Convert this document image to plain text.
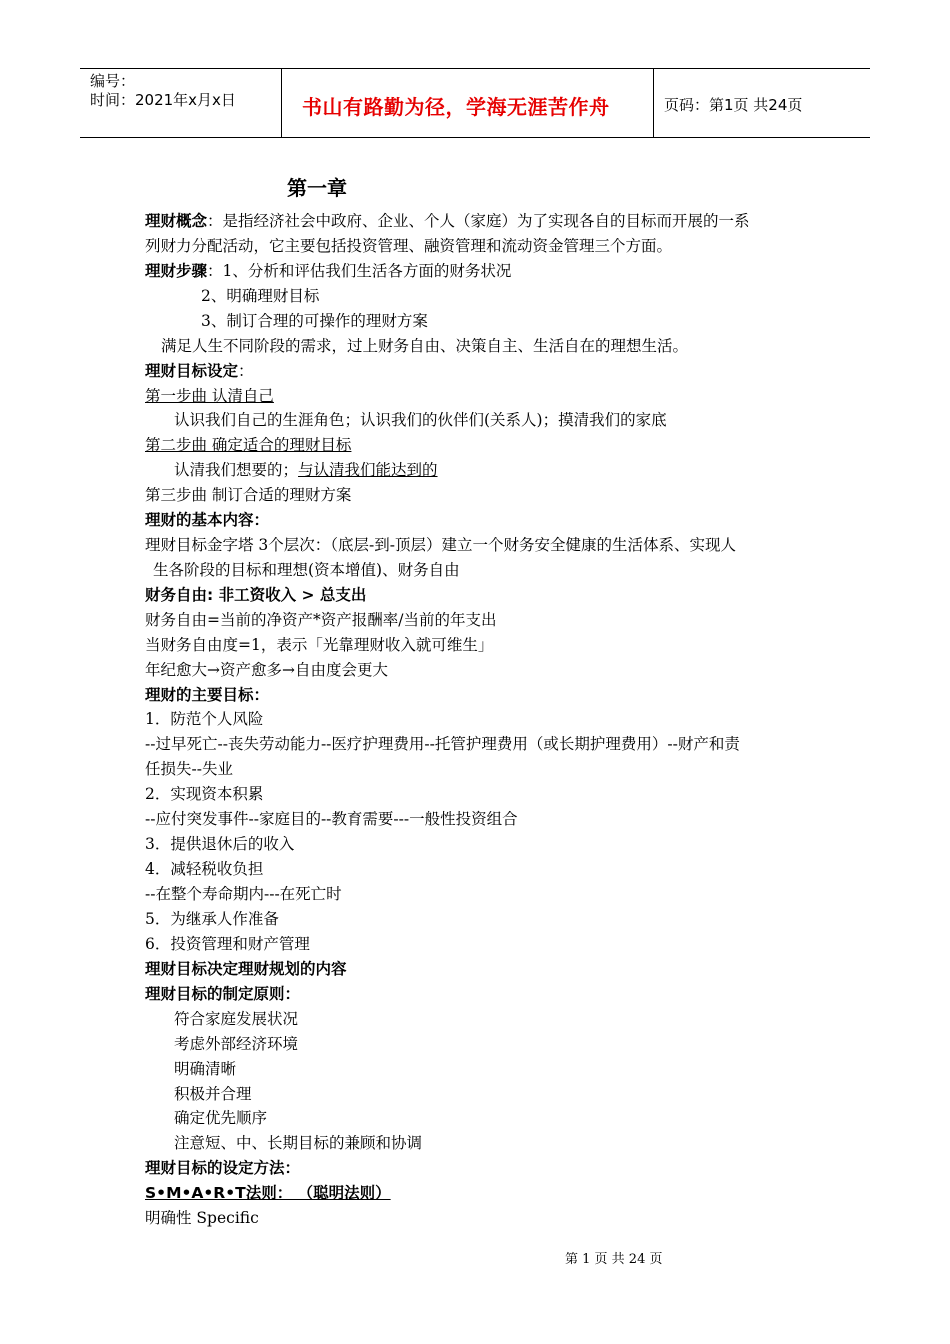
编号：
时间：2021年x月x日	书山有路勤为径，学海无涯苦作舟	页码：第1页 共24页
第一章
理财概念：是指经济社会中政府、企业、个人（家庭）为了实现各自的目标而开展的一系
列财力分配活动，它主要包括投资管理、融资管理和流动资金管理三个方面。
理财步骤：1、分析和评估我们生活各方面的财务状况
2、明确理财目标
3、制订合理的可操作的理财方案
满足人生不同阶段的需求，过上财务自由、决策自主、生活自在的理想生活。
理财目标设定：
第一步曲 认清自己
认识我们自己的生涯角色；认识我们的伙伴们(关系人)；摸清我们的家底
第二步曲 确定适合的理财目标
认清我们想要的；与认清我们能达到的
第三步曲 制订合适的理财方案
理财的基本内容：
理财目标金字塔 3个层次：（底层-到-顶层）建立一个财务安全健康的生活体系、实现人
生各阶段的目标和理想(资本增值)、财务自由
财务自由: 非工资收入 > 总支出
财务自由=当前的净资产*资产报酬率/当前的年支出
当财务自由度=1，表示「光靠理财收入就可维生」
年纪愈大→资产愈多→自由度会更大
理财的主要目标：
1．防范个人风险
--过早死亡--丧失劳动能力--医疗护理费用--托管护理费用（或长期护理费用）--财产和责
任损失--失业
2．实现资本积累
--应付突发事件--家庭目的--教育需要---一般性投资组合
3．提供退休后的收入
4．减轻税收负担
--在整个寿命期内---在死亡时
5．为继承人作准备
6．投资管理和财产管理
理财目标决定理财规划的内容
理财目标的制定原则：
符合家庭发展状况
考虑外部经济环境
明确清晰
积极并合理
确定优先顺序
注意短、中、长期目标的兼顾和协调
理财目标的设定方法：
S•M•A•R•T法则： （聪明法则）
明确性 Specific
第 1 页 共 24 页
